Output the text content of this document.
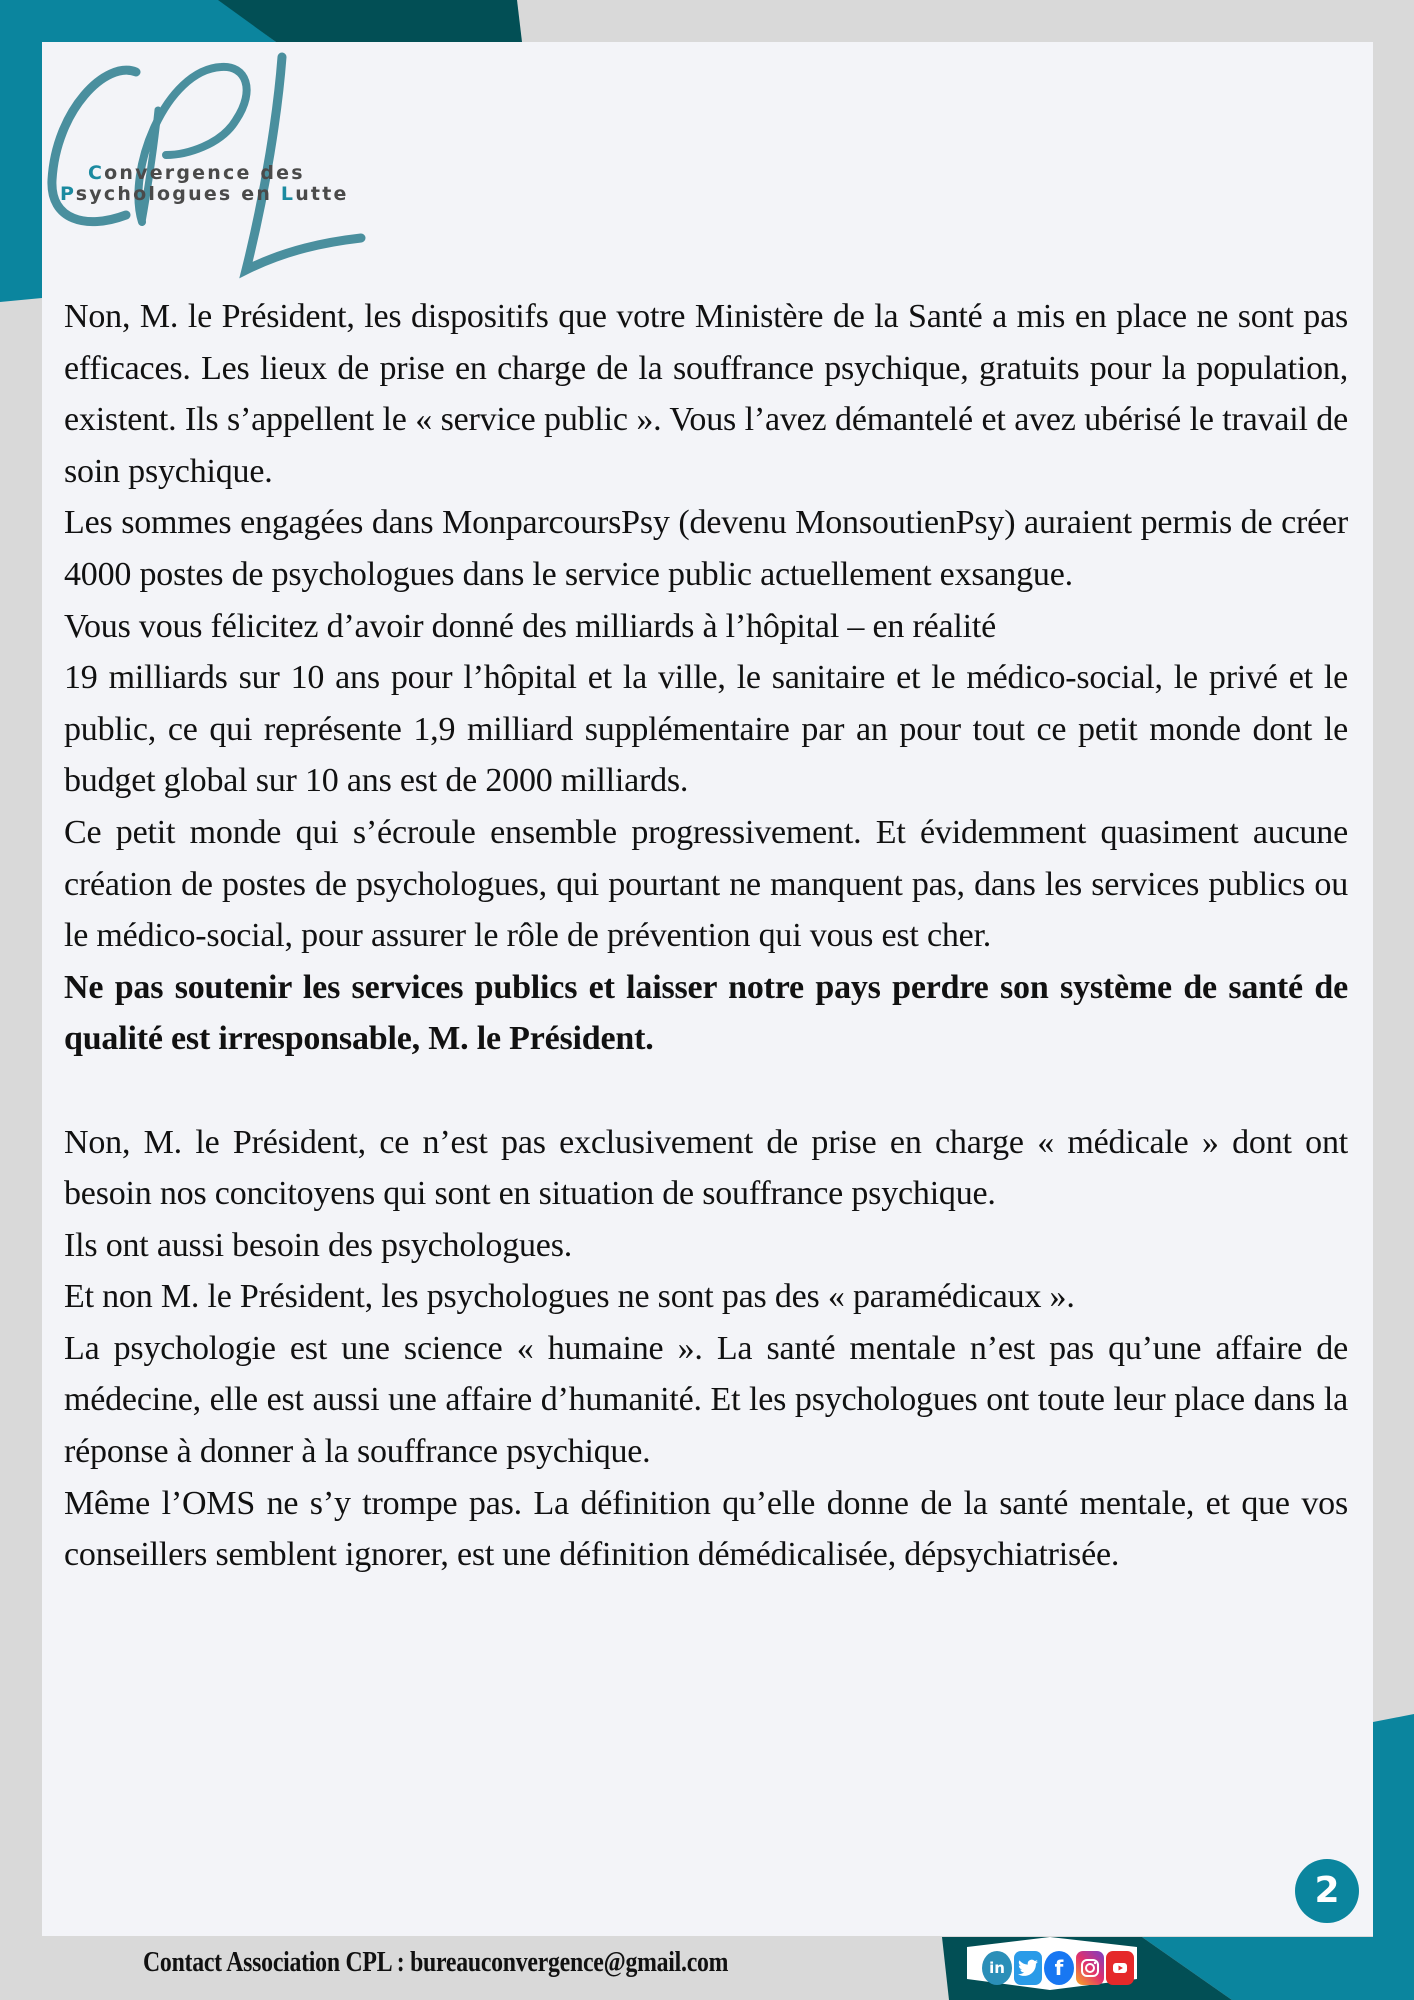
Convergence des
Psychologues en Lutte

Non, M. le Président, les dispositifs que votre Ministère de la Santé a mis en place ne sont pas efficaces. Les lieux de prise en charge de la souffrance psychique, gratuits pour la population, existent. Ils s’appellent le « service public ». Vous l’avez démantelé et avez ubérisé le travail de soin psychique.

Les sommes engagées dans MonparcoursPsy (devenu MonsoutienPsy) auraient permis de créer 4000 postes de psychologues dans le service public actuellement exsangue.

Vous vous félicitez d’avoir donné des milliards à l’hôpital – en réalité

19 milliards sur 10 ans pour l’hôpital et la ville, le sanitaire et le médico-social, le privé et le public, ce qui représente 1,9 milliard supplémentaire par an pour tout ce petit monde dont le budget global sur 10 ans est de 2000 milliards.

Ce petit monde qui s’écroule ensemble progressivement. Et évidemment quasiment aucune création de postes de psychologues, qui pourtant ne manquent pas, dans les services publics ou le médico-social, pour assurer le rôle de prévention qui vous est cher.

Ne pas soutenir les services publics et laisser notre pays perdre son système de santé de qualité est irresponsable, M. le Président.

Non, M. le Président, ce n’est pas exclusivement de prise en charge « médicale » dont ont besoin nos concitoyens qui sont en situation de souffrance psychique.

Ils ont aussi besoin des psychologues.

Et non M. le Président, les psychologues ne sont pas des « paramédicaux ».

La psychologie est une science « humaine ». La santé mentale n’est pas qu’une affaire de médecine, elle est aussi une affaire d’humanité. Et les psychologues ont toute leur place dans la réponse à donner à la souffrance psychique.

Même l’OMS ne s’y trompe pas. La définition qu’elle donne de la santé mentale, et que vos conseillers semblent ignorer, est une définition démédicalisée, dépsychiatrisée.

2
Contact Association CPL : bureauconvergence@gmail.com	in	f
